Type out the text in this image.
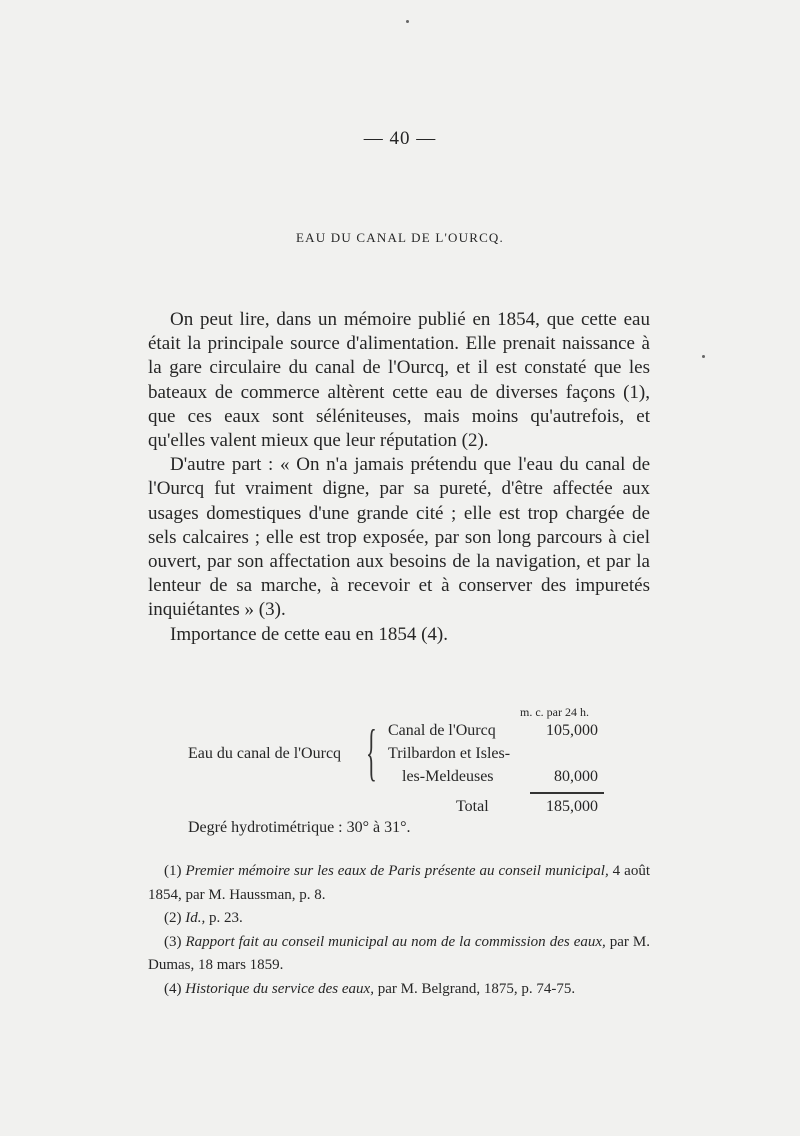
— 40 —
EAU DU CANAL DE L'OURCQ.

On peut lire, dans un mémoire publié en 1854, que cette eau était la principale source d'alimentation. Elle prenait naissance à la gare circulaire du canal de l'Ourcq, et il est constaté que les bateaux de commerce altèrent cette eau de diverses façons (1), que ces eaux sont séléniteuses, mais moins qu'autrefois, et qu'elles valent mieux que leur réputation (2).

D'autre part : « On n'a jamais prétendu que l'eau du canal de l'Ourcq fut vraiment digne, par sa pureté, d'être affectée aux usages domestiques d'une grande cité ; elle est trop chargée de sels calcaires ; elle est trop exposée, par son long parcours à ciel ouvert, par son affectation aux besoins de la navigation, et par la lenteur de sa marche, à recevoir et à conserver des impuretés inquiétantes » (3).

Importance de cette eau en 1854 (4).

m. c. par 24 h.
Eau du canal de l'Ourcq { Canal de l'Ourcq	105,000
Trilbardon et Isles-
les-Meldeuses	80,000
Total	185,000
Degré hydrotimétrique : 30° à 31°.

(1) Premier mémoire sur les eaux de Paris présente au conseil municipal, 4 août 1854, par M. Haussman, p. 8.

(2) Id., p. 23.

(3) Rapport fait au conseil municipal au nom de la commission des eaux, par M. Dumas, 18 mars 1859.

(4) Historique du service des eaux, par M. Belgrand, 1875, p. 74-75.
